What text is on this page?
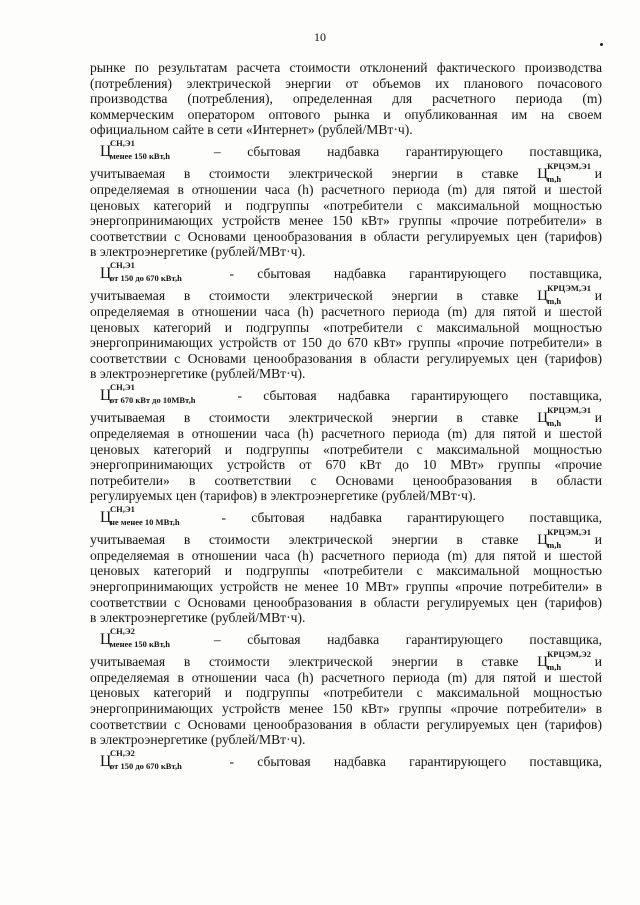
10

рынке по результатам расчета стоимости отклонений фактического производства

(потребления) электрической энергии от объемов их планового почасового

производства (потребления), определенная для расчетного периода (m)

коммерческим оператором оптового рынка и опубликованная им на своем

официальном сайте в сети «Интернет» (рублей/МВт·ч).

Ц
СН,Э1
менее 150 кВт,h	– сбытовая надбавка гарантирующего поставщика,

учитываемая в стоимости электрической энергии в ставке Ц КРЦЭМ,Э1
m,h и

определяемая в отношении часа (h) расчетного периода (m) для пятой и шестой

ценовых категорий и подгруппы «потребители с максимальной мощностью

энергопринимающих устройств менее 150 кВт» группы «прочие потребители» в

соответствии с Основами ценообразования в области регулируемых цен (тарифов)

в электроэнергетике (рублей/МВт·ч).

Ц
СН,Э1
от 150 до 670 кВт,h	- сбытовая надбавка гарантирующего поставщика,

учитываемая в стоимости электрической энергии в ставке Ц КРЦЭМ,Э1
m,h и

определяемая в отношении часа (h) расчетного периода (m) для пятой и шестой

ценовых категорий и подгруппы «потребители с максимальной мощностью

энергопринимающих устройств от 150 до 670 кВт» группы «прочие потребители» в

соответствии с Основами ценообразования в области регулируемых цен (тарифов)

в электроэнергетике (рублей/МВт·ч).

Ц
СН,Э1
от 670 кВт до 10МВт,h	- сбытовая надбавка гарантирующего поставщика,

учитываемая в стоимости электрической энергии в ставке Ц КРЦЭМ,Э1
m,h и

определяемая в отношении часа (h) расчетного периода (m) для пятой и шестой

ценовых категорий и подгруппы «потребители с максимальной мощностью

энергопринимающих устройств от 670 кВт до 10 МВт» группы «прочие

потребители» в соответствии с Основами ценообразования в области

регулируемых цен (тарифов) в электроэнергетике (рублей/МВт·ч).

Ц
СН,Э1
не менее 10 МВт,h	- сбытовая надбавка гарантирующего поставщика,

учитываемая в стоимости электрической энергии в ставке Ц КРЦЭМ,Э1
m,h и

определяемая в отношении часа (h) расчетного периода (m) для пятой и шестой

ценовых категорий и подгруппы «потребители с максимальной мощностью

энергопринимающих устройств не менее 10 МВт» группы «прочие потребители» в

соответствии с Основами ценообразования в области регулируемых цен (тарифов)

в электроэнергетике (рублей/МВт·ч).

Ц
СН,Э2
менее 150 кВт,h	– сбытовая надбавка гарантирующего поставщика,

учитываемая в стоимости электрической энергии в ставке Ц КРЦЭМ,Э2
m,h и

определяемая в отношении часа (h) расчетного периода (m) для пятой и шестой

ценовых категорий и подгруппы «потребители с максимальной мощностью

энергопринимающих устройств менее 150 кВт» группы «прочие потребители» в

соответствии с Основами ценообразования в области регулируемых цен (тарифов)

в электроэнергетике (рублей/МВт·ч).

Ц
СН,Э2
от 150 до 670 кВт,h	- сбытовая надбавка гарантирующего поставщика,
